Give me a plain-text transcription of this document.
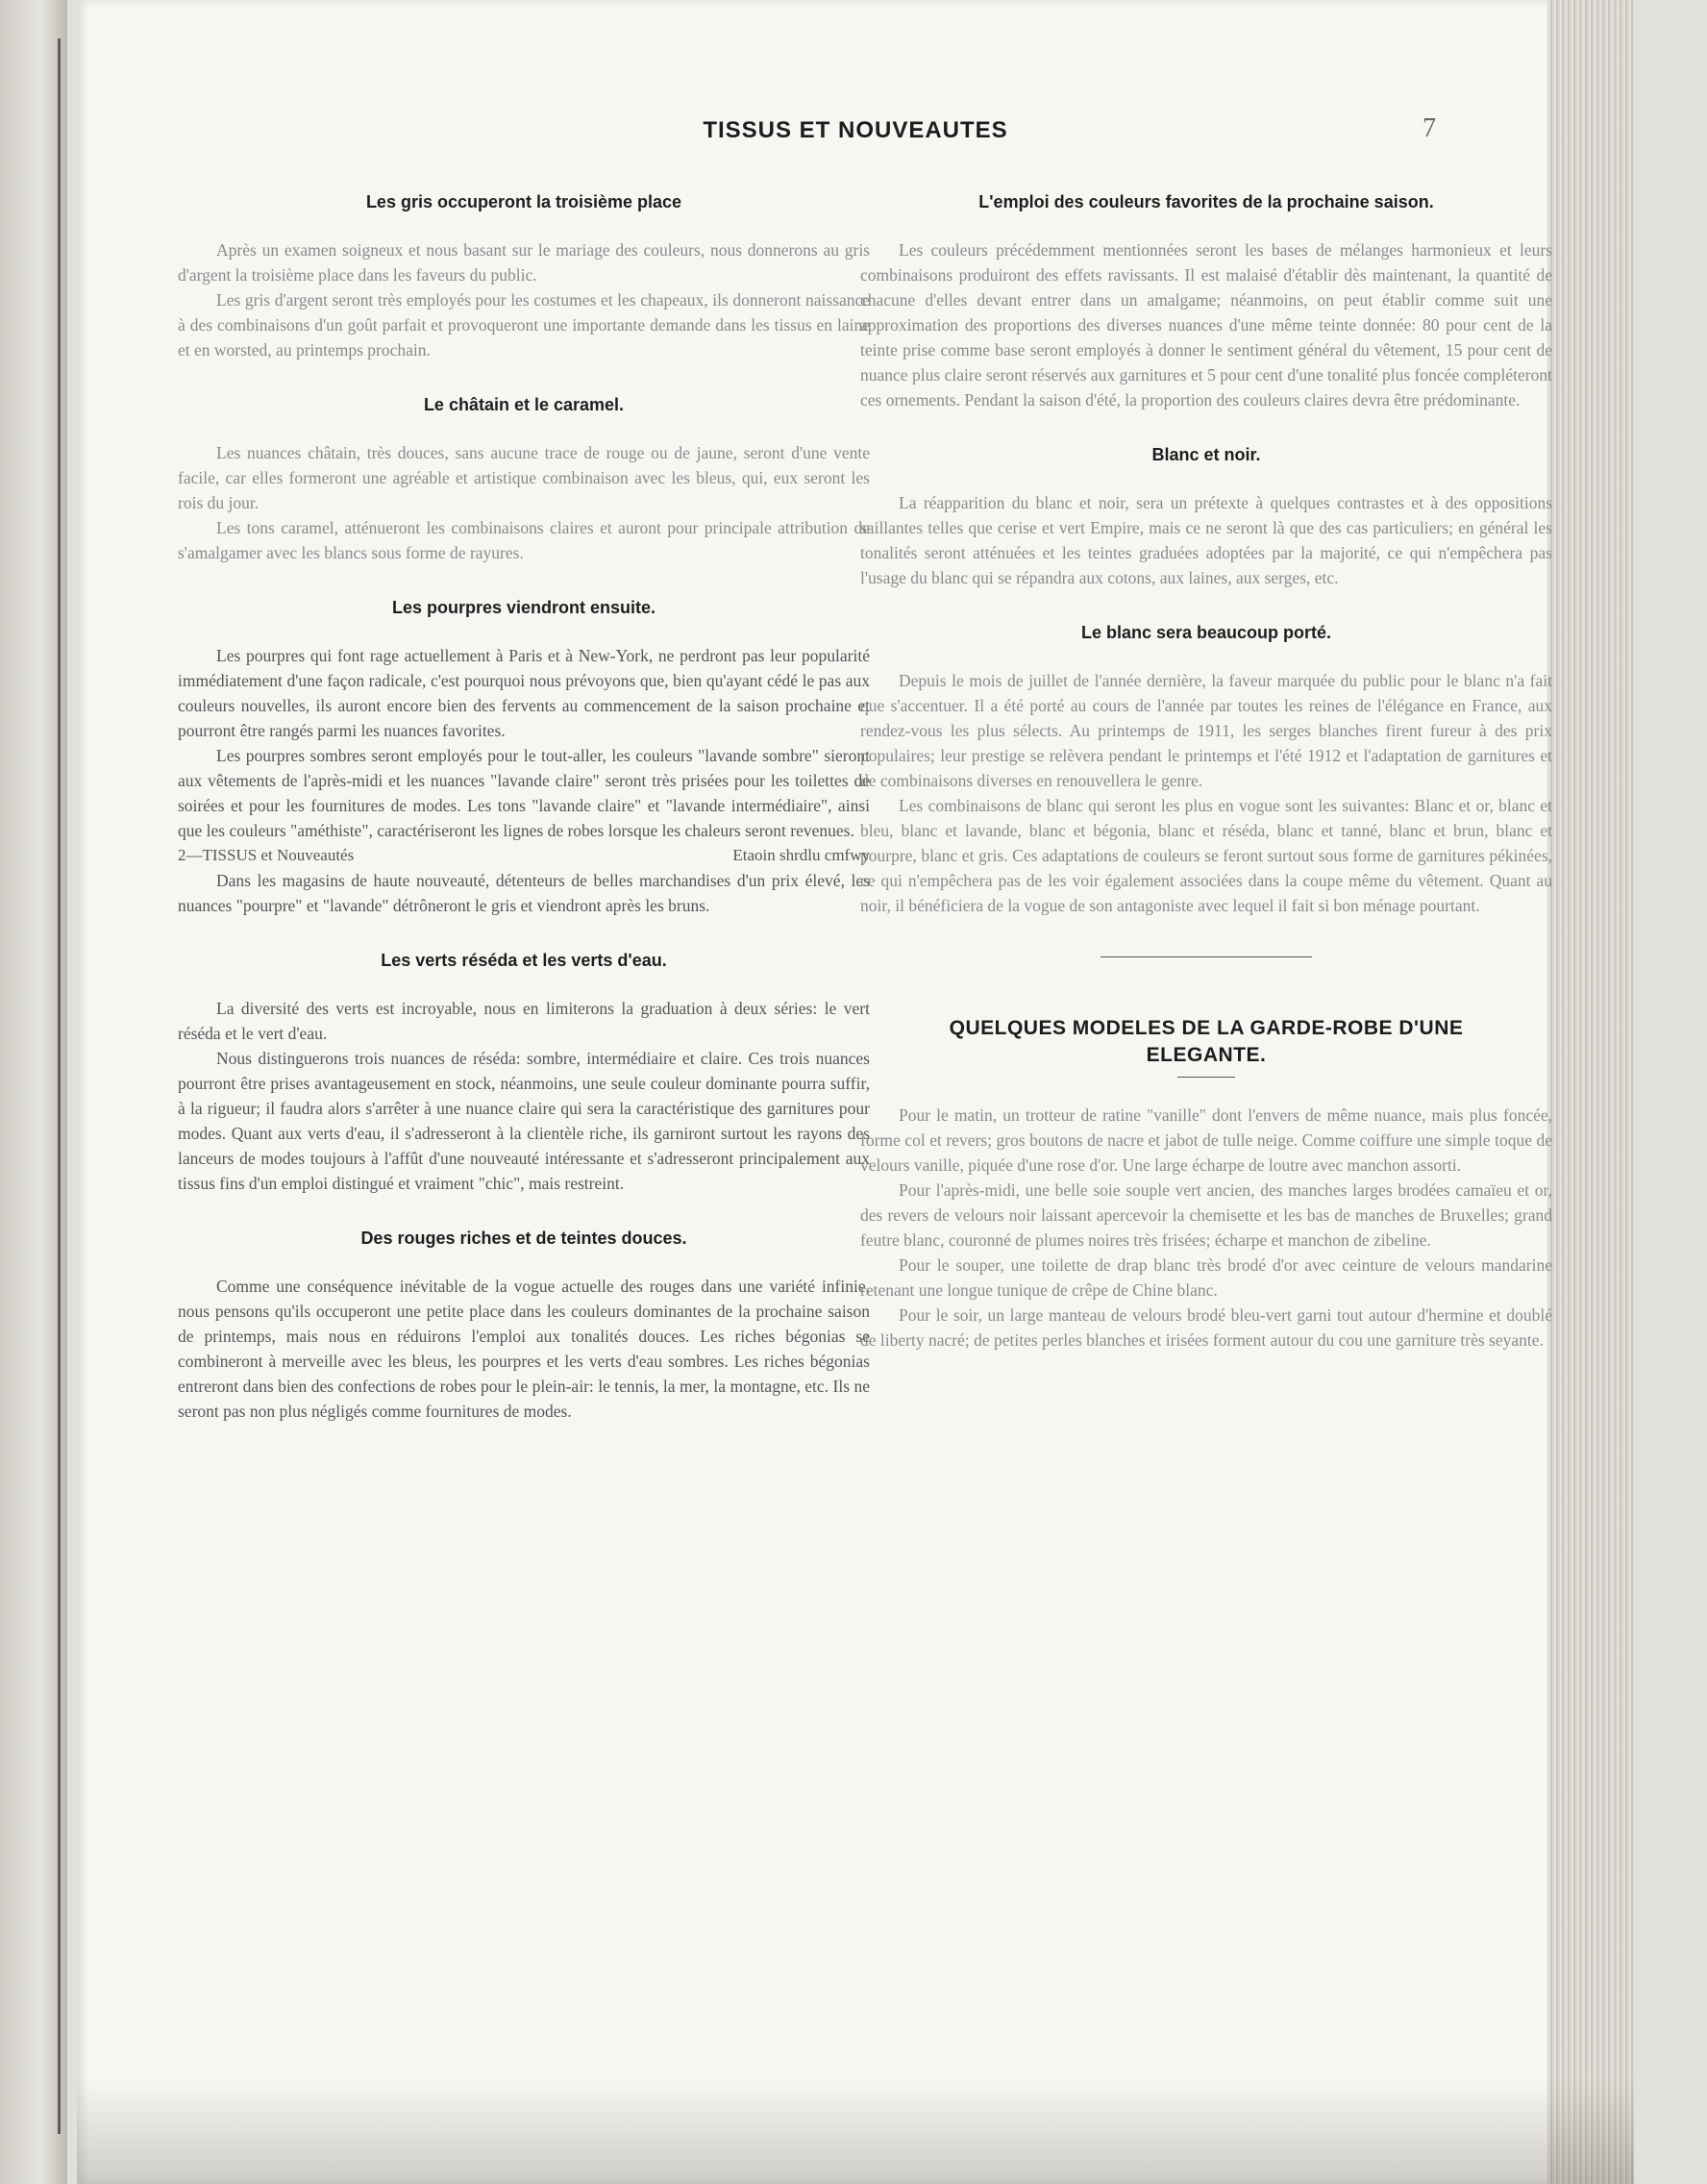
TISSUS ET NOUVEAUTES	7
Les gris occuperont la troisième place

Après un examen soigneux et nous basant sur le mariage des couleurs, nous donnerons au gris d'argent la troisième place dans les faveurs du public.

Les gris d'argent seront très employés pour les costumes et les chapeaux, ils donneront naissance à des combinaisons d'un goût parfait et provoqueront une importante demande dans les tissus en laine et en worsted, au printemps prochain.

Le châtain et le caramel.

Les nuances châtain, très douces, sans aucune trace de rouge ou de jaune, seront d'une vente facile, car elles formeront une agréable et artistique combinaison avec les bleus, qui, eux seront les rois du jour.

Les tons caramel, atténueront les combinaisons claires et auront pour principale attribution de s'amalgamer avec les blancs sous forme de rayures.

Les pourpres viendront ensuite.

Les pourpres qui font rage actuellement à Paris et à New-York, ne perdront pas leur popularité immédiatement d'une façon radicale, c'est pourquoi nous prévoyons que, bien qu'ayant cédé le pas aux couleurs nouvelles, ils auront encore bien des fervents au commencement de la saison prochaine et pourront être rangés parmi les nuances favorites.

Les pourpres sombres seront employés pour le tout-aller, les couleurs "lavande sombre" sieront aux vêtements de l'après-midi et les nuances "lavande claire" seront très prisées pour les toilettes de soirées et pour les fournitures de modes. Les tons "lavande claire" et "lavande intermédiaire", ainsi que les couleurs "améthiste", caractériseront les lignes de robes lorsque les chaleurs seront revenues.

2—TISSUS et Nouveautés	Etaoin shrdlu cmfwy

Dans les magasins de haute nouveauté, détenteurs de belles marchandises d'un prix élevé, les nuances "pourpre" et "lavande" détrôneront le gris et viendront après les bruns.

Les verts réséda et les verts d'eau.

La diversité des verts est incroyable, nous en limiterons la graduation à deux séries: le vert réséda et le vert d'eau.

Nous distinguerons trois nuances de réséda: sombre, intermédiaire et claire. Ces trois nuances pourront être prises avantageusement en stock, néanmoins, une seule couleur dominante pourra suffir, à la rigueur; il faudra alors s'arrêter à une nuance claire qui sera la caractéristique des garnitures pour modes. Quant aux verts d'eau, il s'adresseront à la clientèle riche, ils garniront surtout les rayons des lanceurs de modes toujours à l'affût d'une nouveauté intéressante et s'adresseront principalement aux tissus fins d'un emploi distingué et vraiment "chic", mais restreint.

Des rouges riches et de teintes douces.

Comme une conséquence inévitable de la vogue actuelle des rouges dans une variété infinie, nous pensons qu'ils occuperont une petite place dans les couleurs dominantes de la prochaine saison de printemps, mais nous en réduirons l'emploi aux tonalités douces. Les riches bégonias se combineront à merveille avec les bleus, les pourpres et les verts d'eau sombres. Les riches bégonias entreront dans bien des confections de robes pour le plein-air: le tennis, la mer, la montagne, etc. Ils ne seront pas non plus négligés comme fournitures de modes.

L'emploi des couleurs favorites de la prochaine saison.

Les couleurs précédemment mentionnées seront les bases de mélanges harmonieux et leurs combinaisons produiront des effets ravissants. Il est malaisé d'établir dès maintenant, la quantité de chacune d'elles devant entrer dans un amalgame; néanmoins, on peut établir comme suit une approximation des proportions des diverses nuances d'une même teinte donnée: 80 pour cent de la teinte prise comme base seront employés à donner le sentiment général du vêtement, 15 pour cent de nuance plus claire seront réservés aux garnitures et 5 pour cent d'une tonalité plus foncée compléteront ces ornements. Pendant la saison d'été, la proportion des couleurs claires devra être prédominante.

Blanc et noir.

La réapparition du blanc et noir, sera un prétexte à quelques contrastes et à des oppositions saillantes telles que cerise et vert Empire, mais ce ne seront là que des cas particuliers; en général les tonalités seront atténuées et les teintes graduées adoptées par la majorité, ce qui n'empêchera pas l'usage du blanc qui se répandra aux cotons, aux laines, aux serges, etc.

Le blanc sera beaucoup porté.

Depuis le mois de juillet de l'année dernière, la faveur marquée du public pour le blanc n'a fait que s'accentuer. Il a été porté au cours de l'année par toutes les reines de l'élégance en France, aux rendez-vous les plus sélects. Au printemps de 1911, les serges blanches firent fureur à des prix populaires; leur prestige se relèvera pendant le printemps et l'été 1912 et l'adaptation de garnitures et de combinaisons diverses en renouvellera le genre.

Les combinaisons de blanc qui seront les plus en vogue sont les suivantes: Blanc et or, blanc et bleu, blanc et lavande, blanc et bégonia, blanc et réséda, blanc et tanné, blanc et brun, blanc et pourpre, blanc et gris. Ces adaptations de couleurs se feront surtout sous forme de garnitures pékinées, ce qui n'empêchera pas de les voir également associées dans la coupe même du vêtement. Quant au noir, il bénéficiera de la vogue de son antagoniste avec lequel il fait si bon ménage pourtant.

QUELQUES MODELES DE LA GARDE-ROBE D'UNE
ELEGANTE.

Pour le matin, un trotteur de ratine "vanille" dont l'envers de même nuance, mais plus foncée, forme col et revers; gros boutons de nacre et jabot de tulle neige. Comme coiffure une simple toque de velours vanille, piquée d'une rose d'or. Une large écharpe de loutre avec manchon assorti.

Pour l'après-midi, une belle soie souple vert ancien, des manches larges brodées camaïeu et or, des revers de velours noir laissant apercevoir la chemisette et les bas de manches de Bruxelles; grand feutre blanc, couronné de plumes noires très frisées; écharpe et manchon de zibeline.

Pour le souper, une toilette de drap blanc très brodé d'or avec ceinture de velours mandarine retenant une longue tunique de crêpe de Chine blanc.

Pour le soir, un large manteau de velours brodé bleu-vert garni tout autour d'hermine et doublé de liberty nacré; de petites perles blanches et irisées forment autour du cou une garniture très seyante.
